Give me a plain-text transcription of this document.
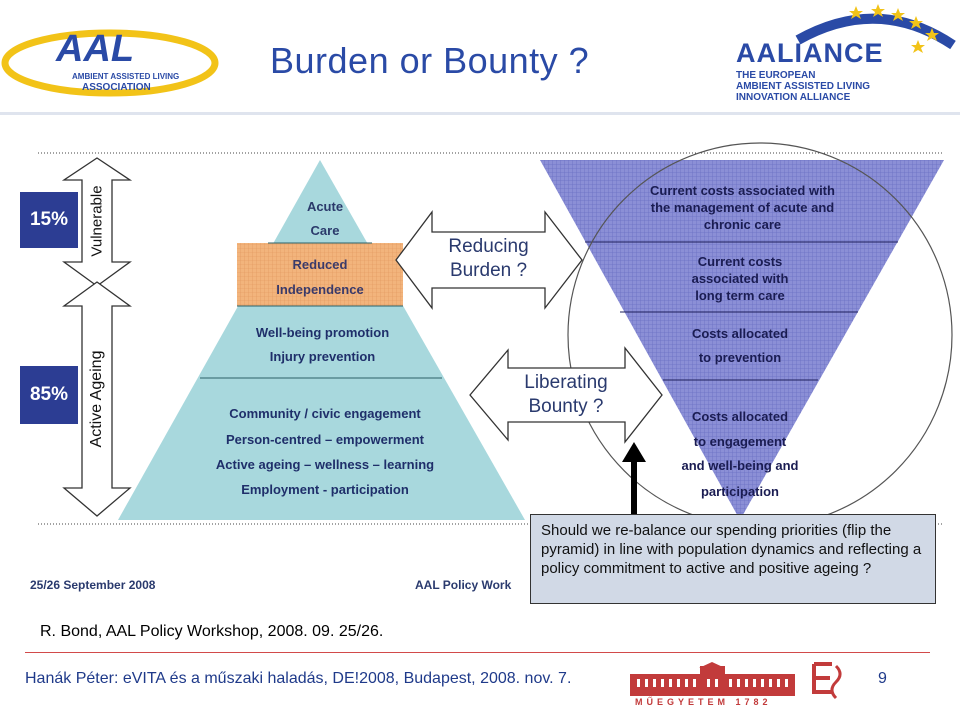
AAL
AMBIENT ASSISTED LIVING
ASSOCIATION
Burden or Bounty ?	AALIANCE
THE EUROPEAN
AMBIENT ASSISTED LIVING
INNOVATION ALLIANCE
15%
85%
Vulnerable
Active Ageing
Acute
Care
Reduced
Independence
Well-being promotion
Injury prevention
Community / civic engagement
Person-centred – empowerment
Active ageing – wellness – learning
Employment - participation
Reducing
Burden ?
Liberating
Bounty ?
Current costs associated with
the management of acute and
chronic care
Current costs
associated with
long term care
Costs allocated
to prevention
Costs allocated
to engagement
and well-being and
participation
25/26 September 2008	AAL Policy Work
Should we re-balance our spending priorities (flip the pyramid) in line with population dynamics and reflecting a policy commitment to active and positive ageing ?
R. Bond, AAL Policy Workshop, 2008. 09. 25/26.
Hanák Péter: eVITA és a műszaki haladás, DE!2008, Budapest, 2008. nov. 7.
MŰEGYETEM 1782
9
